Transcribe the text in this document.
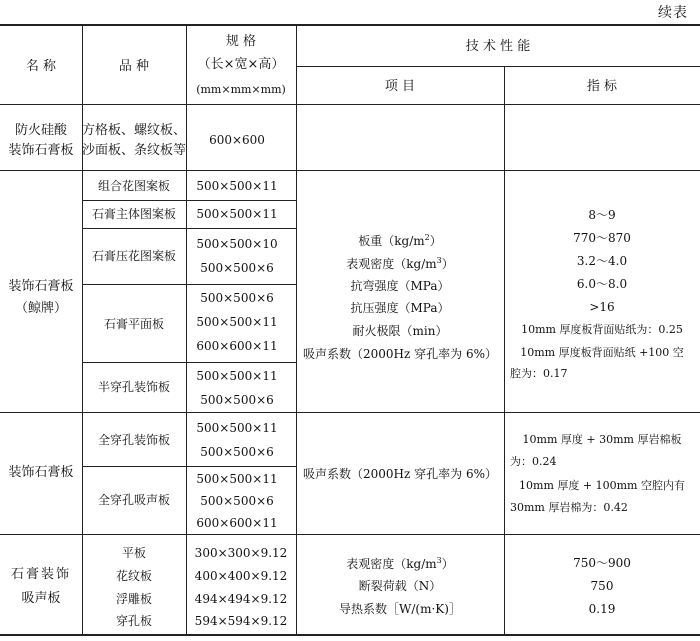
续表
名 称	品 种
规 格
（长×宽×高）
(mm×mm×mm)
技 术 性 能
项 目	指 标
防火硅酸
装饰石膏板
方格板、螺纹板、
沙面板、条纹板等
600×600
装饰石膏板
（鲸牌）
组合花图案板
石膏主体图案板
石膏压花图案板
石膏平面板
半穿孔装饰板
500×500×11
500×500×11
500×500×10
500×500×6
500×500×6
500×500×11
600×600×11
500×500×11
500×500×6
板重$(kg/m^2)$
表观密度$(kg/m^3)$
抗弯强度（MPa）
抗压强度（MPa）
耐火极限（min）
吸声系数（2000Hz 穿孔率为 6%）
8～9
770～870
3.2～4.0
6.0～8.0
>16
10mm 厚度板背面贴纸为：0.25
10mm 厚度板背面贴纸 +100 空
腔为：0.17
装饰石膏板
全穿孔装饰板
全穿孔吸声板
500×500×11
500×500×6
500×500×11
500×500×6
600×600×11
吸声系数（2000Hz 穿孔率为 6%）
10mm 厚度 + 30mm 厚岩棉板
为：0.24
10mm 厚度 + 100mm 空腔内有
30mm 厚岩棉为：0.42
石膏装饰
吸声板
平板
花纹板
浮雕板
穿孔板
300×300×9.12
400×400×9.12
494×494×9.12
594×594×9.12
表观密度$(kg/m^3)$
断裂荷载（N）
导热系数［W/(m·K)］
750～900
750
0.19
